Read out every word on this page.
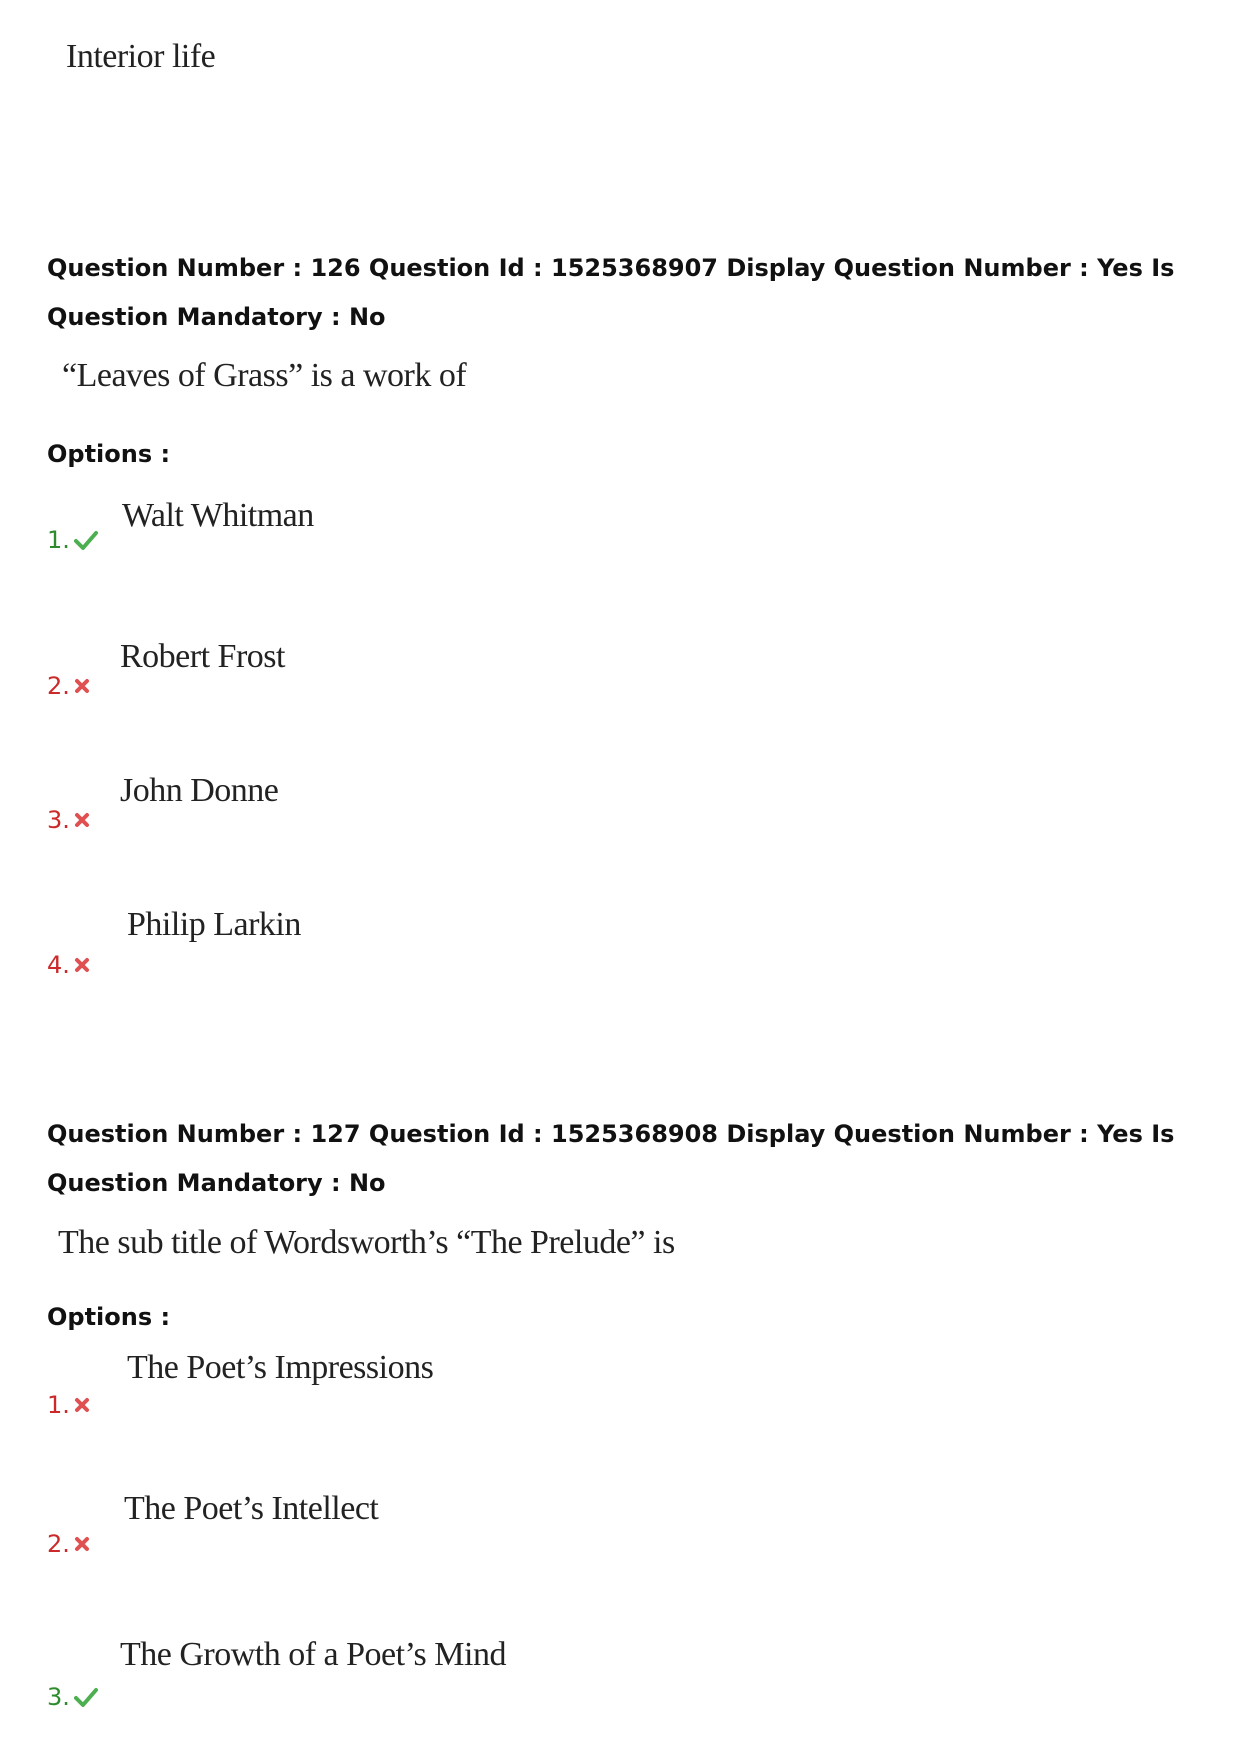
Interior life
Question Number : 126 Question Id : 1525368907 Display Question Number : Yes Is Question Mandatory : No
“Leaves of Grass” is a work of
Options :
Walt Whitman
1.
Robert Frost
2.
John Donne
3.
Philip Larkin
4.
Question Number : 127 Question Id : 1525368908 Display Question Number : Yes Is Question Mandatory : No
The sub title of Wordsworth’s “The Prelude” is
Options :
The Poet’s Impressions
1.
The Poet’s Intellect
2.
The Growth of a Poet’s Mind
3.
